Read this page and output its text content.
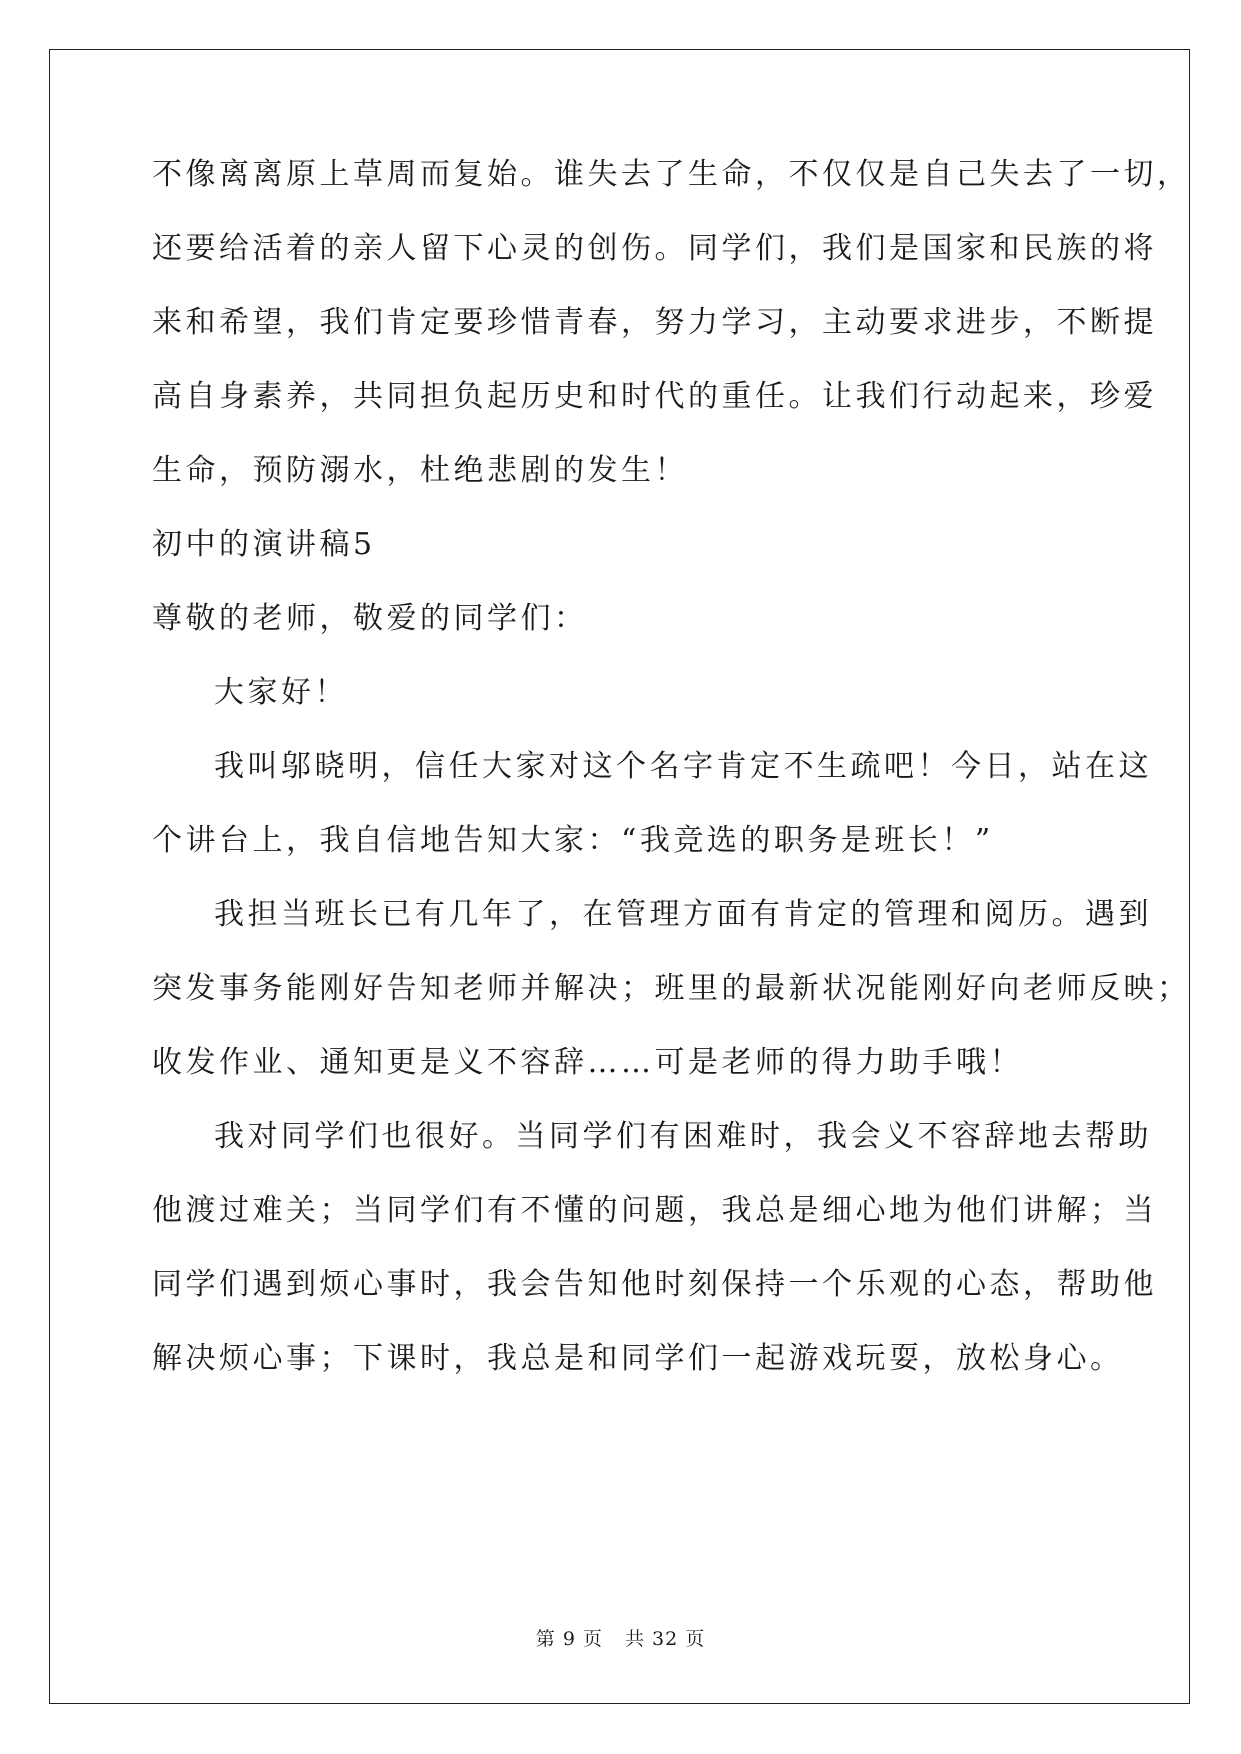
不像离离原上草周而复始。谁失去了生命，不仅仅是自己失去了一切，
还要给活着的亲人留下心灵的创伤。同学们，我们是国家和民族的将
来和希望，我们肯定要珍惜青春，努力学习，主动要求进步，不断提
高自身素养，共同担负起历史和时代的重任。让我们行动起来，珍爱
生命，预防溺水，杜绝悲剧的发生！
初中的演讲稿5
尊敬的老师，敬爱的同学们：
大家好！
我叫邬晓明，信任大家对这个名字肯定不生疏吧！今日，站在这
个讲台上，我自信地告知大家：“我竞选的职务是班长！”
我担当班长已有几年了，在管理方面有肯定的管理和阅历。遇到
突发事务能刚好告知老师并解决；班里的最新状况能刚好向老师反映；
收发作业、通知更是义不容辞……可是老师的得力助手哦！
我对同学们也很好。当同学们有困难时，我会义不容辞地去帮助
他渡过难关；当同学们有不懂的问题，我总是细心地为他们讲解；当
同学们遇到烦心事时，我会告知他时刻保持一个乐观的心态，帮助他
解决烦心事；下课时，我总是和同学们一起游戏玩耍，放松身心。
第 9 页 共 32 页
